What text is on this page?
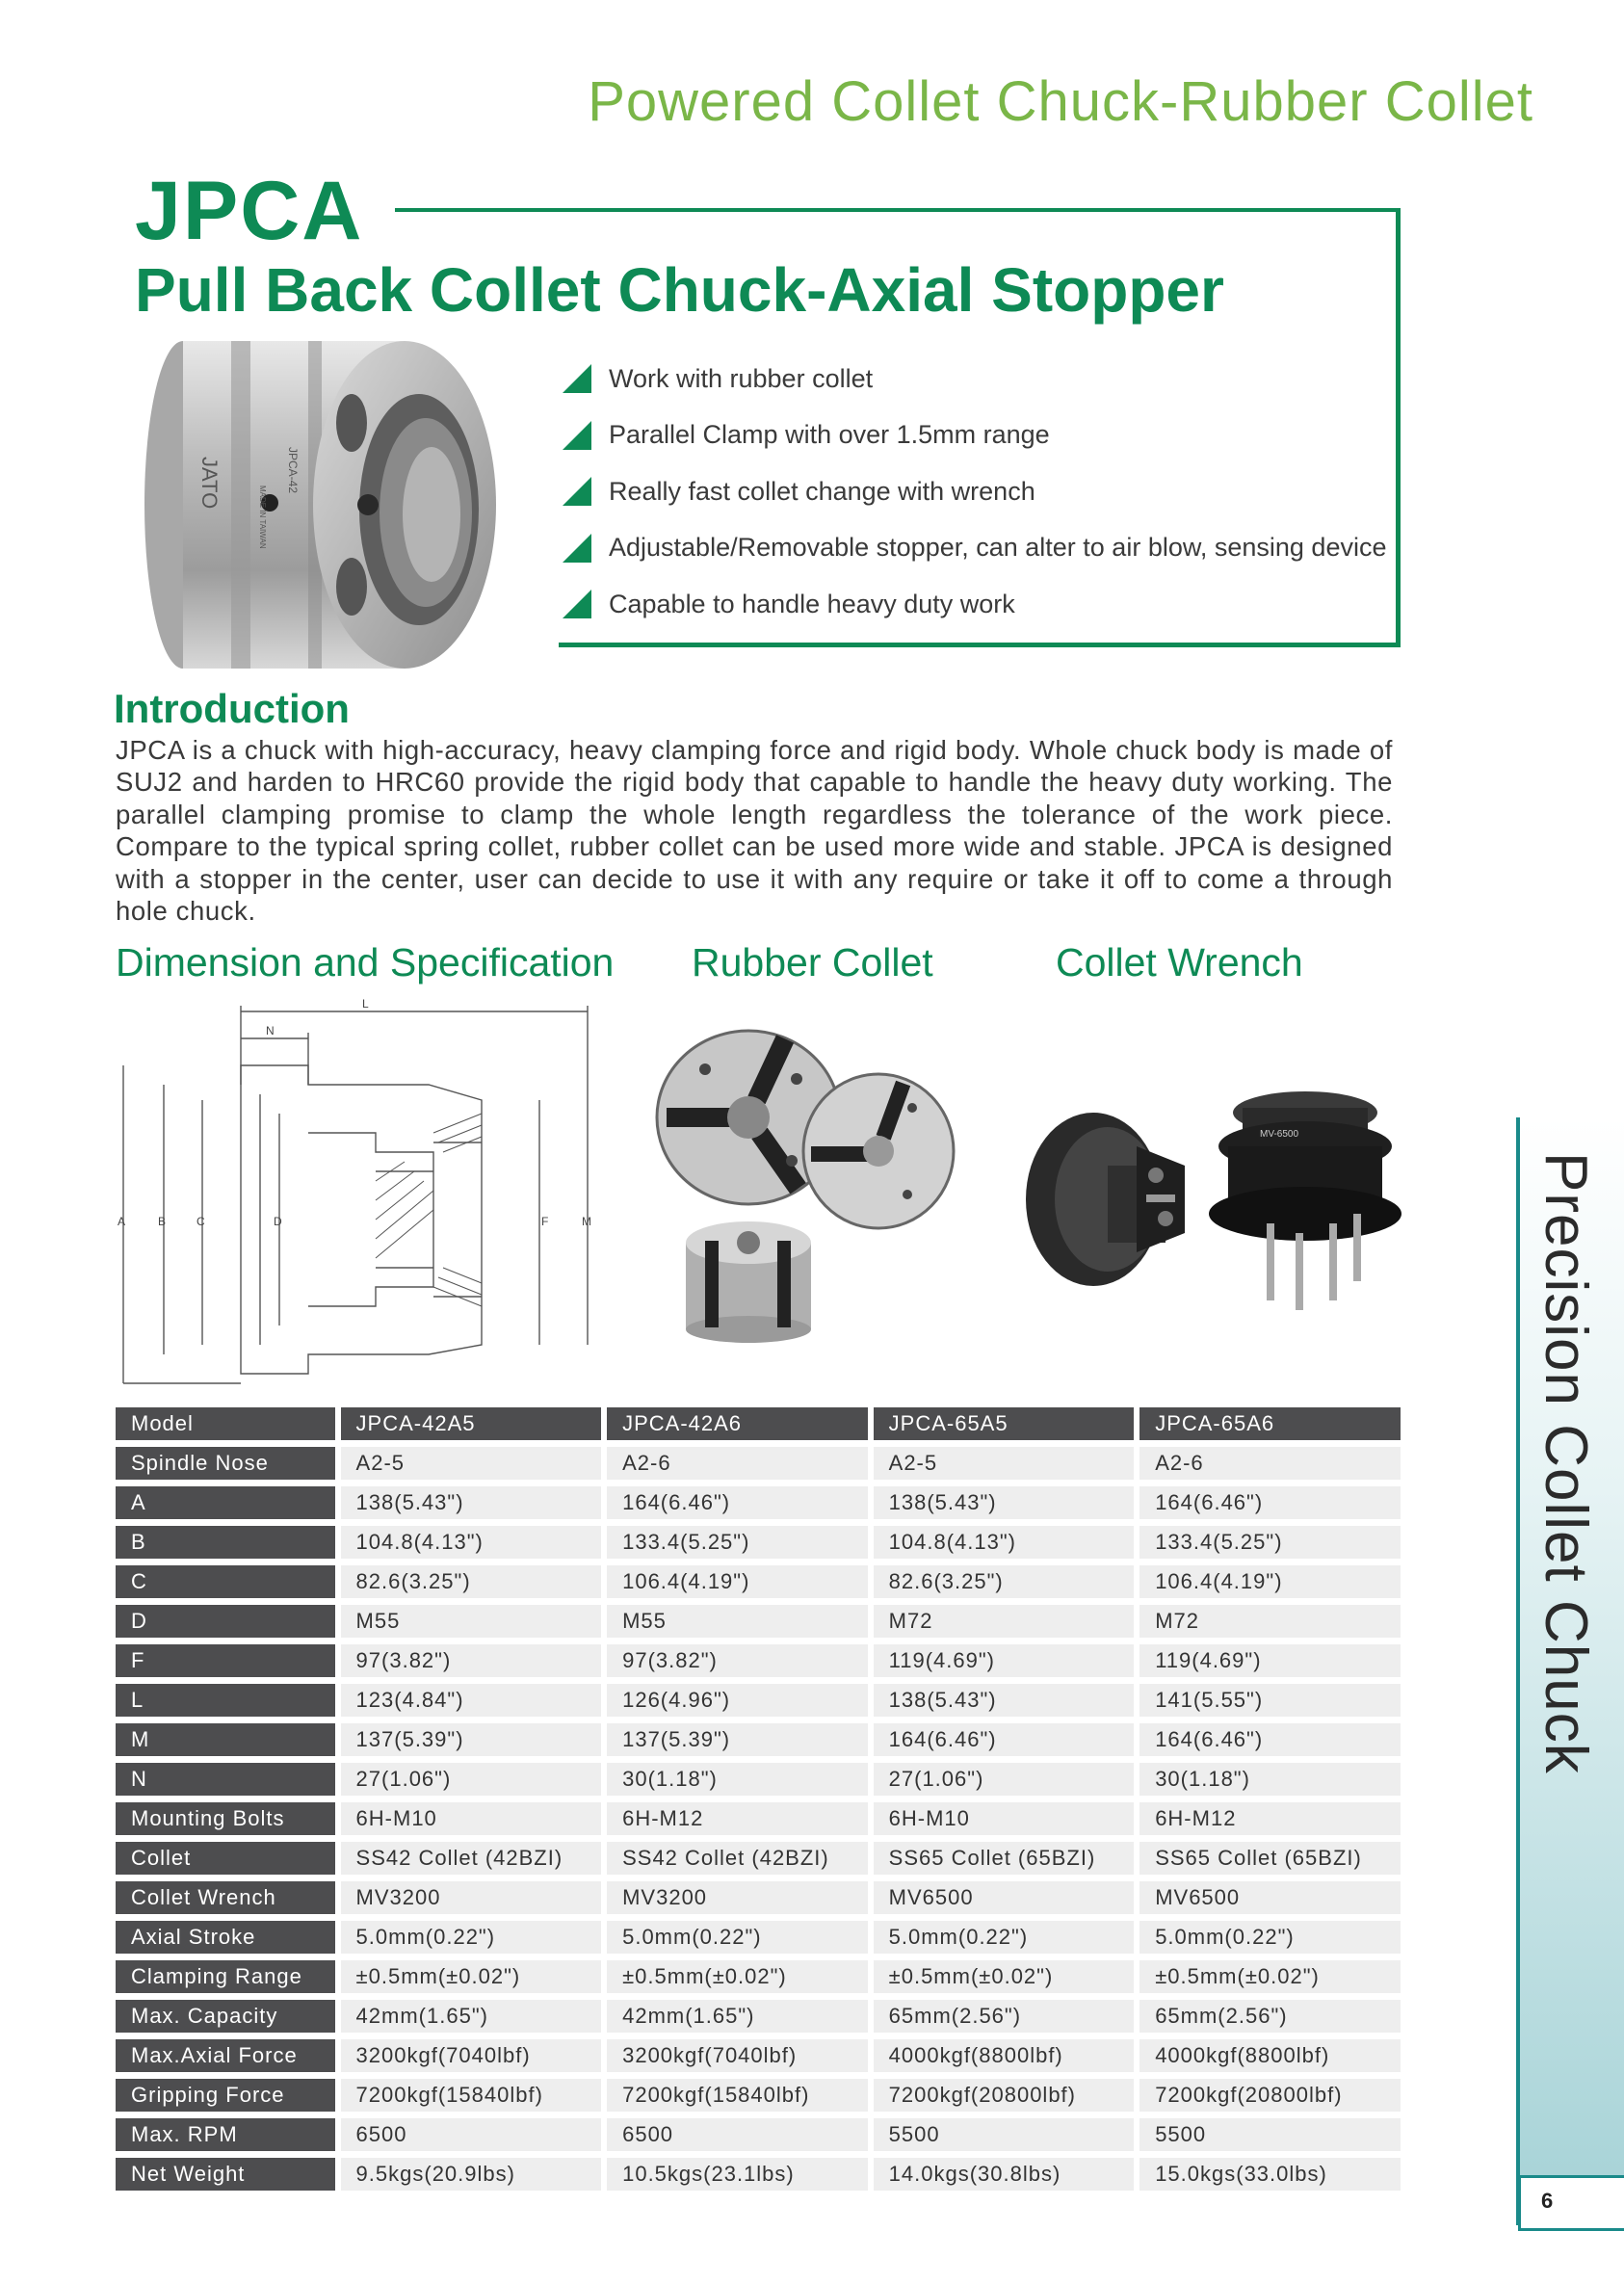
Powered Collet Chuck-Rubber Collet
JPCA
Pull Back Collet Chuck-Axial Stopper
Work with rubber collet
Parallel Clamp with over 1.5mm range
Really fast collet change with wrench
Adjustable/Removable stopper, can alter to air blow, sensing device
Capable to handle heavy duty work
JATO	JPCA-42
MADE IN TAIWAN
Introduction
JPCA is a chuck with high-accuracy, heavy clamping force and rigid body. Whole chuck body is made of SUJ2 and harden to HRC60 provide the rigid body that capable to handle the heavy duty working. The parallel clamping promise to clamp the whole length regardless the tolerance of the work piece. Compare to the typical spring collet, rubber collet can be used more wide and stable. JPCA is designed with a stopper in the center, user can decide to use it with any require or take it off to come a through hole chuck.
Dimension and Specification Rubber Collet	Collet Wrench
L
N
A	B	C	D	F	M
MV-6500
Model		JPCA-42A5		JPCA-42A6		JPCA-65A5		JPCA-65A6
Spindle Nose		A2-5		A2-6		A2-5		A2-6
A		138(5.43")		164(6.46")		138(5.43")		164(6.46")
B		104.8(4.13")		133.4(5.25")		104.8(4.13")		133.4(5.25")
C		82.6(3.25")		106.4(4.19")		82.6(3.25")		106.4(4.19")
D		M55		M55		M72		M72
F		97(3.82")		97(3.82")		119(4.69")		119(4.69")
L		123(4.84")		126(4.96")		138(5.43")		141(5.55")
M		137(5.39")		137(5.39")		164(6.46")		164(6.46")
N		27(1.06")		30(1.18")		27(1.06")		30(1.18")
Mounting Bolts		6H-M10		6H-M12		6H-M10		6H-M12
Collet		SS42 Collet (42BZI)		SS42 Collet (42BZI)		SS65 Collet (65BZI)		SS65 Collet (65BZI)
Collet Wrench		MV3200		MV3200		MV6500		MV6500
Axial Stroke		5.0mm(0.22")		5.0mm(0.22")		5.0mm(0.22")		5.0mm(0.22")
Clamping Range		±0.5mm(±0.02")		±0.5mm(±0.02")		±0.5mm(±0.02")		±0.5mm(±0.02")
Max. Capacity		42mm(1.65")		42mm(1.65")		65mm(2.56")		65mm(2.56")
Max.Axial Force		3200kgf(7040lbf)		3200kgf(7040lbf)		4000kgf(8800lbf)		4000kgf(8800lbf)
Gripping Force		7200kgf(15840lbf)		7200kgf(15840lbf)		7200kgf(20800lbf)		7200kgf(20800lbf)
Max. RPM		6500		6500		5500		5500
Net Weight		9.5kgs(20.9lbs)		10.5kgs(23.1lbs)		14.0kgs(30.8lbs)		15.0kgs(33.0lbs)
Precision Collet Chuck
6
